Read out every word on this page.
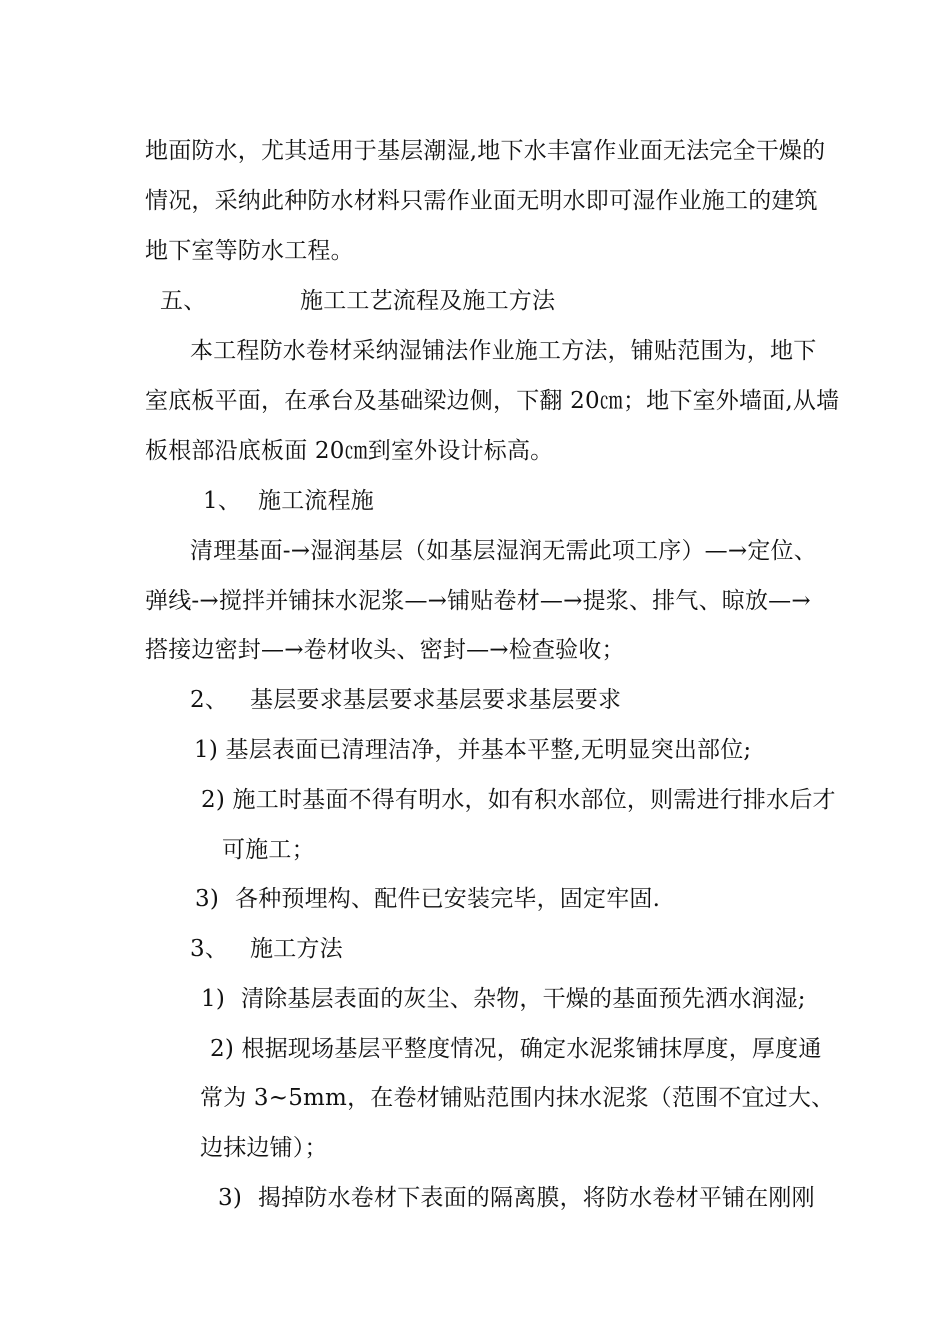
地面防水，尤其适用于基层潮湿,地下水丰富作业面无法完全干燥的
情况，采纳此种防水材料只需作业面无明水即可湿作业施工的建筑
地下室等防水工程。
五、	施工工艺流程及施工方法
本工程防水卷材采纳湿铺法作业施工方法，铺贴范围为，地下
室底板平面，在承台及基础梁边侧，下翻 20㎝；地下室外墙面,从墙
板根部沿底板面 20㎝到室外设计标高。
1、 施工流程施
清理基面-→湿润基层（如基层湿润无需此项工序）—→定位、
弹线-→搅拌并铺抹水泥浆—→铺贴卷材—→提浆、排气、晾放—→
搭接边密封—→卷材收头、密封—→检查验收；
2、 基层要求基层要求基层要求基层要求
1) 基层表面已清理洁净，并基本平整,无明显突出部位;
2) 施工时基面不得有明水，如有积水部位，则需进行排水后才
可施工；
3) 各种预埋构、配件已安装完毕，固定牢固.
3、 施工方法
1) 清除基层表面的灰尘、杂物，干燥的基面预先洒水润湿;
2) 根据现场基层平整度情况，确定水泥浆铺抹厚度，厚度通
常为 3~5mm，在卷材铺贴范围内抹水泥浆（范围不宜过大、
边抹边铺）；
3) 揭掉防水卷材下表面的隔离膜，将防水卷材平铺在刚刚
